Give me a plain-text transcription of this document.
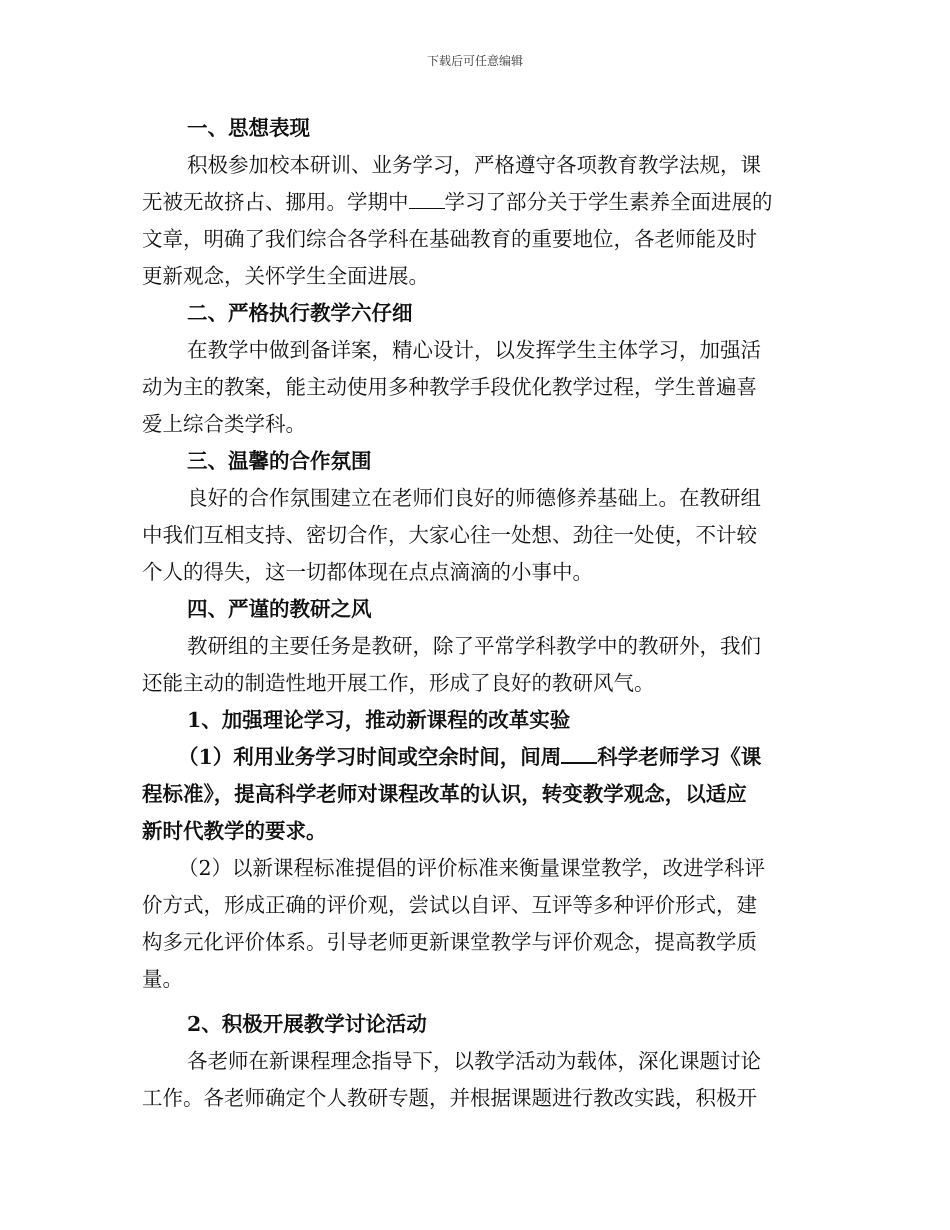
下载后可任意编辑
一、思想表现
积极参加校本研训、业务学习，严格遵守各项教育教学法规，课
无被无故挤占、挪用。学期中 学习了部分关于学生素养全面进展的
文章，明确了我们综合各学科在基础教育的重要地位，各老师能及时
更新观念，关怀学生全面进展。
二、严格执行教学六仔细
在教学中做到备详案，精心设计，以发挥学生主体学习，加强活
动为主的教案，能主动使用多种教学手段优化教学过程，学生普遍喜
爱上综合类学科。
三、温馨的合作氛围
良好的合作氛围建立在老师们良好的师德修养基础上。在教研组
中我们互相支持、密切合作，大家心往一处想、劲往一处使，不计较
个人的得失，这一切都体现在点点滴滴的小事中。
四、严谨的教研之风
教研组的主要任务是教研，除了平常学科教学中的教研外，我们
还能主动的制造性地开展工作，形成了良好的教研风气。
1、加强理论学习，推动新课程的改革实验
（1）利用业务学习时间或空余时间，间周 科学老师学习《课
程标准》，提高科学老师对课程改革的认识，转变教学观念，以适应
新时代教学的要求。
（2）以新课程标准提倡的评价标准来衡量课堂教学，改进学科评
价方式，形成正确的评价观，尝试以自评、互评等多种评价形式，建
构多元化评价体系。引导老师更新课堂教学与评价观念，提高教学质
量。
2、积极开展教学讨论活动
各老师在新课程理念指导下，以教学活动为载体，深化课题讨论
工作。各老师确定个人教研专题，并根据课题进行教改实践，积极开
